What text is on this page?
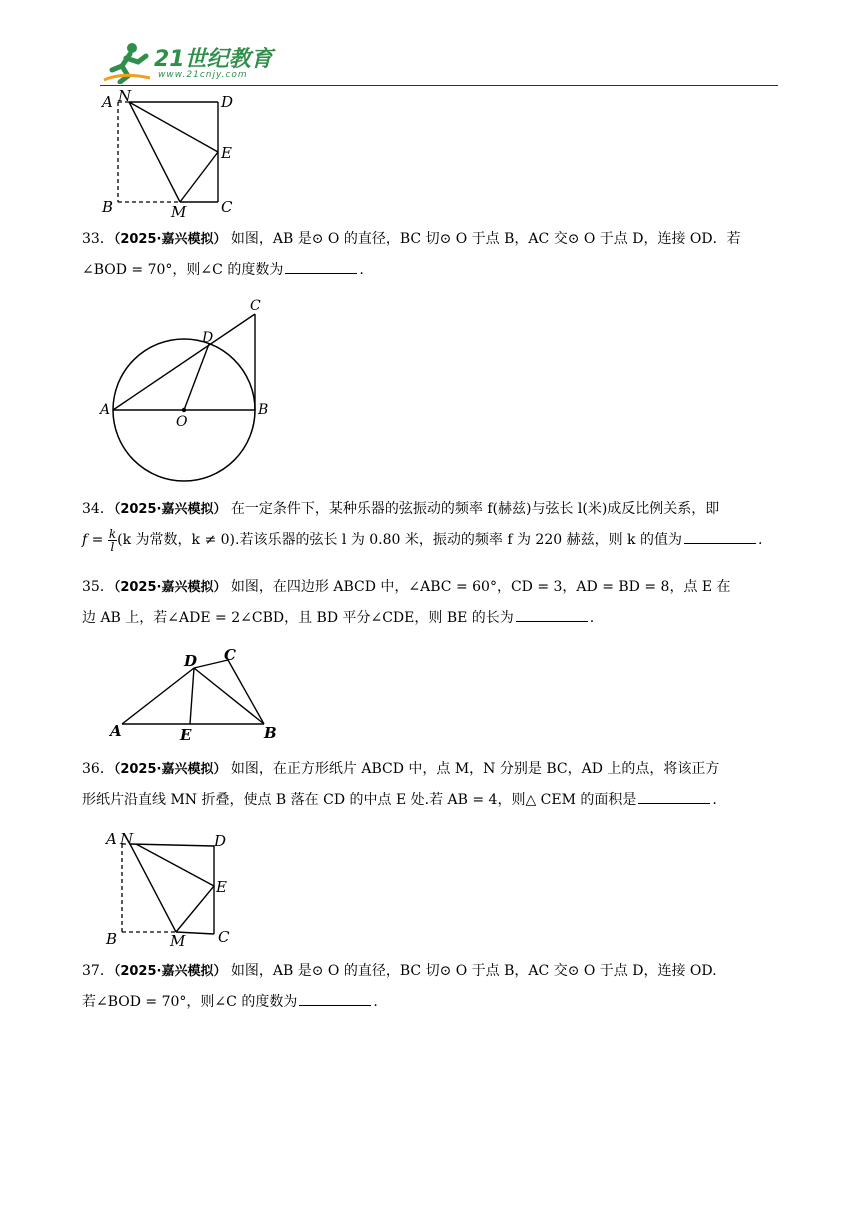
21世纪教育
www.21cnjy.com
A N	D
E
B	M C
33．（2025·嘉兴模拟） 如图，AB 是⊙ O 的直径，BC 切⊙ O 于点 B，AC 交⊙ O 于点 D，连接 OD．若
∠BOD = 70°，则∠C 的度数为	.
A	B
C
D
O
34．（2025·嘉兴模拟） 在一定条件下，某种乐器的弦振动的频率 f(赫兹)与弦长 l(米)成反比例关系，即
$f = \frac{k}{l} (k$ 为常数，k ≠ 0).若该乐器的弦长 l 为 0.80 米，振动的频率 f 为 220 赫兹，则 k 的值为	.
35．（2025·嘉兴模拟） 如图，在四边形 ABCD 中，∠ABC = 60°，CD = 3，AD = BD = 8，点 E 在
边 AB 上，若∠ADE = 2∠CBD，且 BD 平分∠CDE，则 BE 的长为	.
A	B
C
D
E
36．（2025·嘉兴模拟） 如图，在正方形纸片 ABCD 中，点 M，N 分别是 BC，AD 上的点，将该正方
形纸片沿直线 MN 折叠，使点 B 落在 CD 的中点 E 处.若 AB = 4，则△ CEM 的面积是	.
A N	D
E
B	M C
37．（2025·嘉兴模拟） 如图，AB 是⊙ O 的直径，BC 切⊙ O 于点 B，AC 交⊙ O 于点 D，连接 OD.
若∠BOD = 70°，则∠C 的度数为	.
